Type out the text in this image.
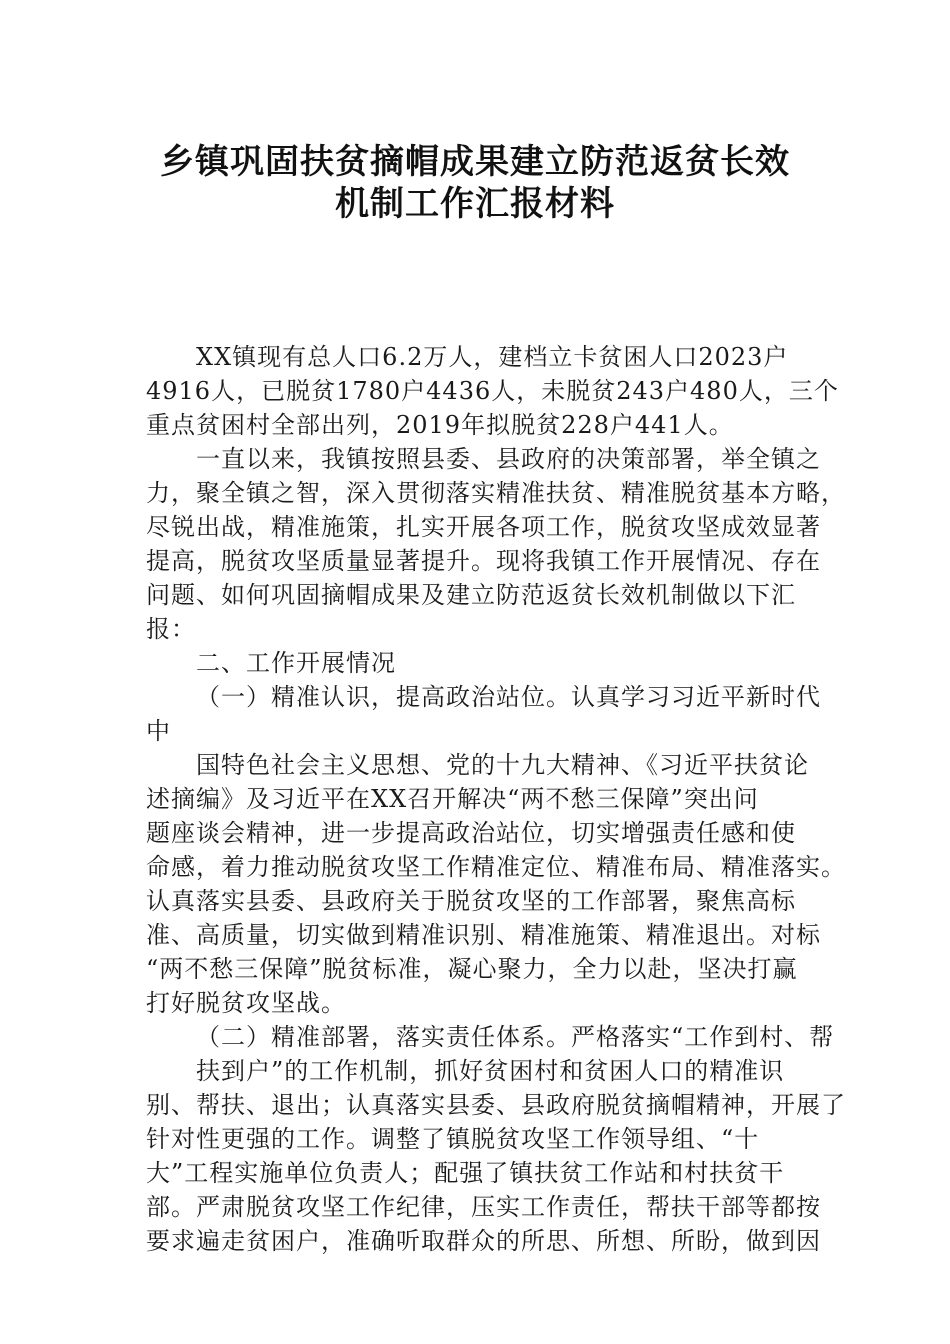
乡镇巩固扶贫摘帽成果建立防范返贫长效
机制工作汇报材料
XX镇现有总人口6.2万人，建档立卡贫困人口2023户
4916人，已脱贫1780户4436人，未脱贫243户480人，三个
重点贫困村全部出列，2019年拟脱贫228户441人。
一直以来，我镇按照县委、县政府的决策部署，举全镇之
力，聚全镇之智，深入贯彻落实精准扶贫、精准脱贫基本方略，
尽锐出战，精准施策，扎实开展各项工作，脱贫攻坚成效显著
提高，脱贫攻坚质量显著提升。现将我镇工作开展情况、存在
问题、如何巩固摘帽成果及建立防范返贫长效机制做以下汇
报：
二、工作开展情况
（一）精准认识，提高政治站位。认真学习习近平新时代
中
国特色社会主义思想、党的十九大精神、《习近平扶贫论
述摘编》及习近平在XX召开解决“两不愁三保障”突出问
题座谈会精神，进一步提高政治站位，切实增强责任感和使
命感，着力推动脱贫攻坚工作精准定位、精准布局、精准落实。
认真落实县委、县政府关于脱贫攻坚的工作部署，聚焦高标
准、高质量，切实做到精准识别、精准施策、精准退出。对标
“两不愁三保障”脱贫标准，凝心聚力，全力以赴，坚决打赢
打好脱贫攻坚战。
（二）精准部署，落实责任体系。严格落实“工作到村、帮
扶到户”的工作机制，抓好贫困村和贫困人口的精准识
别、帮扶、退出；认真落实县委、县政府脱贫摘帽精神，开展了
针对性更强的工作。调整了镇脱贫攻坚工作领导组、“十
大”工程实施单位负责人；配强了镇扶贫工作站和村扶贫干
部。严肃脱贫攻坚工作纪律，压实工作责任，帮扶干部等都按
要求遍走贫困户，准确听取群众的所思、所想、所盼，做到因
